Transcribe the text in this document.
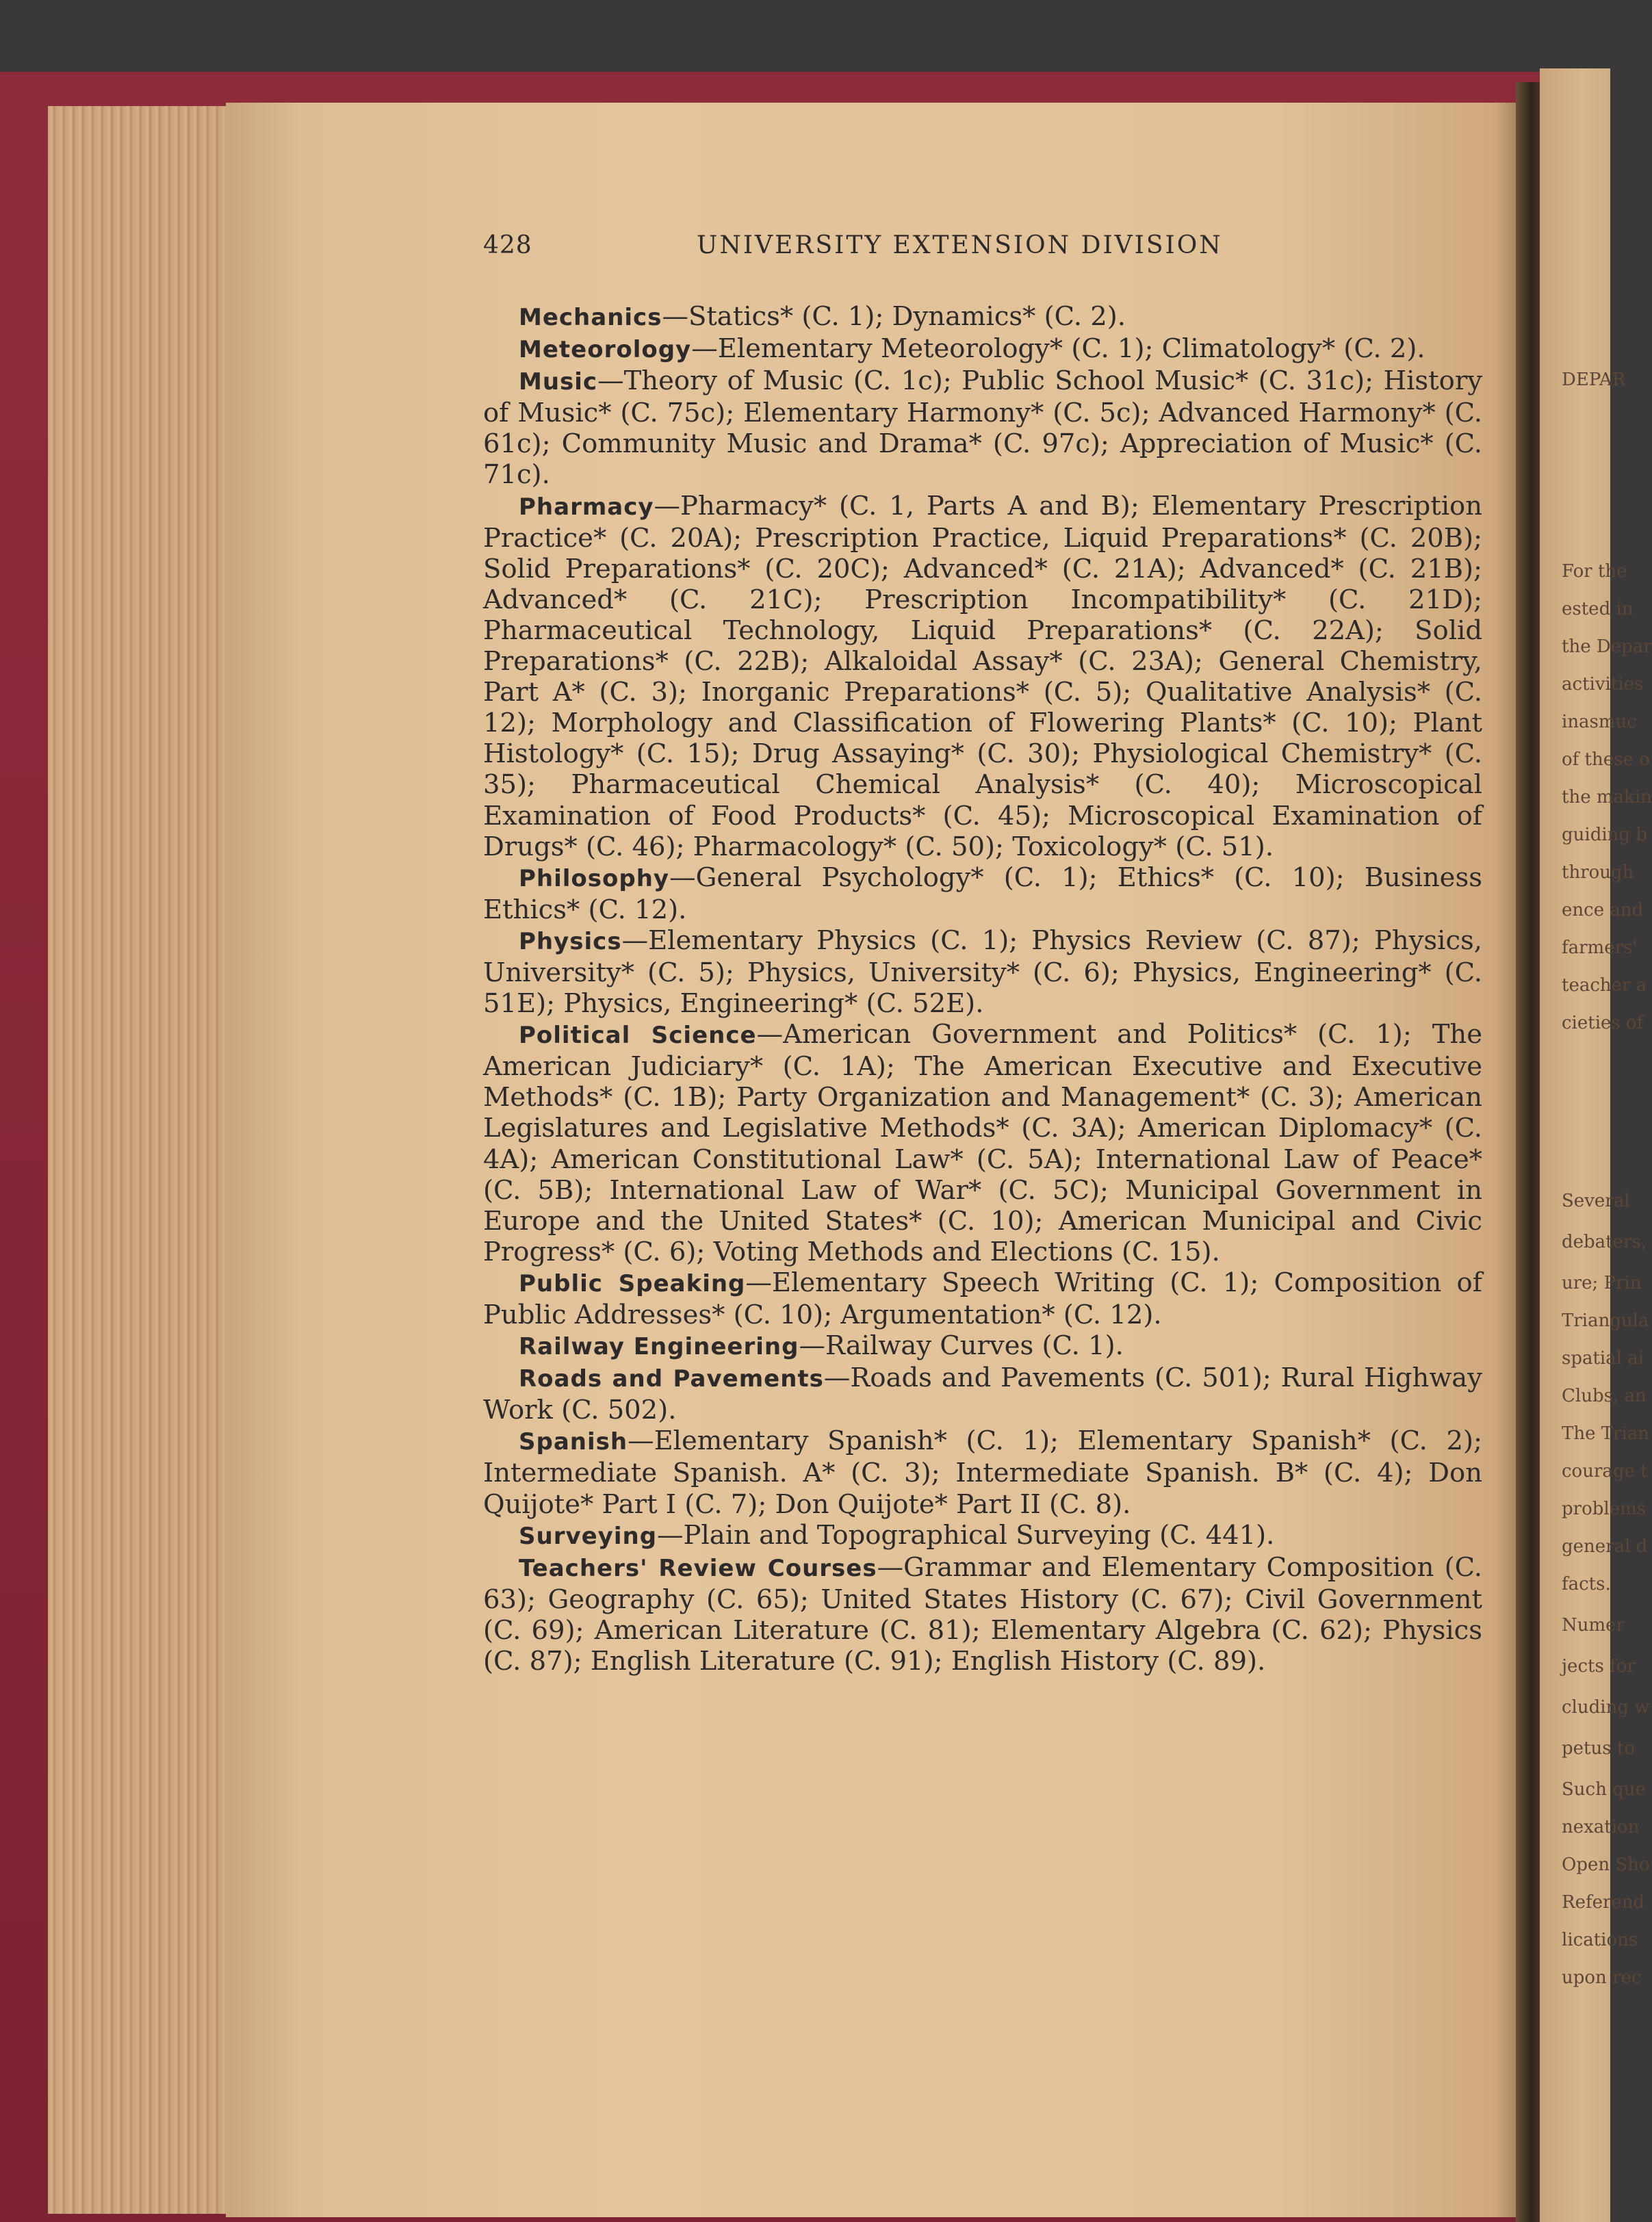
DEPAR
For the
ested in
the Depar
activities
inasmuc
of these o
the makin
guiding b
through
ence and
farmers'
teacher a
cieties of
Several
debaters,
ure; Prin
Triangula
spatial ai
Clubs, an
The Trian
courage t
problems
general d
facts.
Numer
jects for
cluding w
petus to
Such que
nexation
Open Sho
Referend
lications
upon rec
428	UNIVERSITY EXTENSION DIVISION

Mechanics—Statics* (C. 1); Dynamics* (C. 2).

Meteorology—Elementary Meteorology* (C. 1); Climatology* (C. 2).

Music—Theory of Music (C. 1c); Public School Music* (C. 31c); History of Music* (C. 75c); Elementary Harmony* (C. 5c); Advanced Harmony* (C. 61c); Community Music and Drama* (C. 97c); Appreciation of Music* (C. 71c).

Pharmacy—Pharmacy* (C. 1, Parts A and B); Elementary Prescription Practice* (C. 20A); Prescription Practice, Liquid Preparations* (C. 20B); Solid Preparations* (C. 20C); Advanced* (C. 21A); Advanced* (C. 21B); Advanced* (C. 21C); Prescription Incompatibility* (C. 21D); Pharmaceutical Technology, Liquid Preparations* (C. 22A); Solid Preparations* (C. 22B); Alkaloidal Assay* (C. 23A); General Chemistry, Part A* (C. 3); Inorganic Preparations* (C. 5); Qualitative Analysis* (C. 12); Morphology and Classification of Flowering Plants* (C. 10); Plant Histology* (C. 15); Drug Assaying* (C. 30); Physiological Chemistry* (C. 35); Pharmaceutical Chemical Analysis* (C. 40); Microscopical Examination of Food Products* (C. 45); Microscopical Examination of Drugs* (C. 46); Pharmacology* (C. 50); Toxicology* (C. 51).

Philosophy—General Psychology* (C. 1); Ethics* (C. 10); Business Ethics* (C. 12).

Physics—Elementary Physics (C. 1); Physics Review (C. 87); Physics, University* (C. 5); Physics, University* (C. 6); Physics, Engineering* (C. 51E); Physics, Engineering* (C. 52E).

Political Science—American Government and Politics* (C. 1); The American Judiciary* (C. 1A); The American Executive and Executive Methods* (C. 1B); Party Organization and Management* (C. 3); American Legislatures and Legislative Methods* (C. 3A); American Diplomacy* (C. 4A); American Constitutional Law* (C. 5A); International Law of Peace* (C. 5B); International Law of War* (C. 5C); Municipal Government in Europe and the United States* (C. 10); American Municipal and Civic Progress* (C. 6); Voting Methods and Elections (C. 15).

Public Speaking—Elementary Speech Writing (C. 1); Composition of Public Addresses* (C. 10); Argumentation* (C. 12).

Railway Engineering—Railway Curves (C. 1).

Roads and Pavements—Roads and Pavements (C. 501); Rural Highway Work (C. 502).

Spanish—Elementary Spanish* (C. 1); Elementary Spanish* (C. 2); Intermediate Spanish. A* (C. 3); Intermediate Spanish. B* (C. 4); Don Quijote* Part I (C. 7); Don Quijote* Part II (C. 8).

Surveying—Plain and Topographical Surveying (C. 441).

Teachers' Review Courses—Grammar and Elementary Composition (C. 63); Geography (C. 65); United States History (C. 67); Civil Government (C. 69); American Literature (C. 81); Elementary Algebra (C. 62); Physics (C. 87); English Literature (C. 91); English History (C. 89).
